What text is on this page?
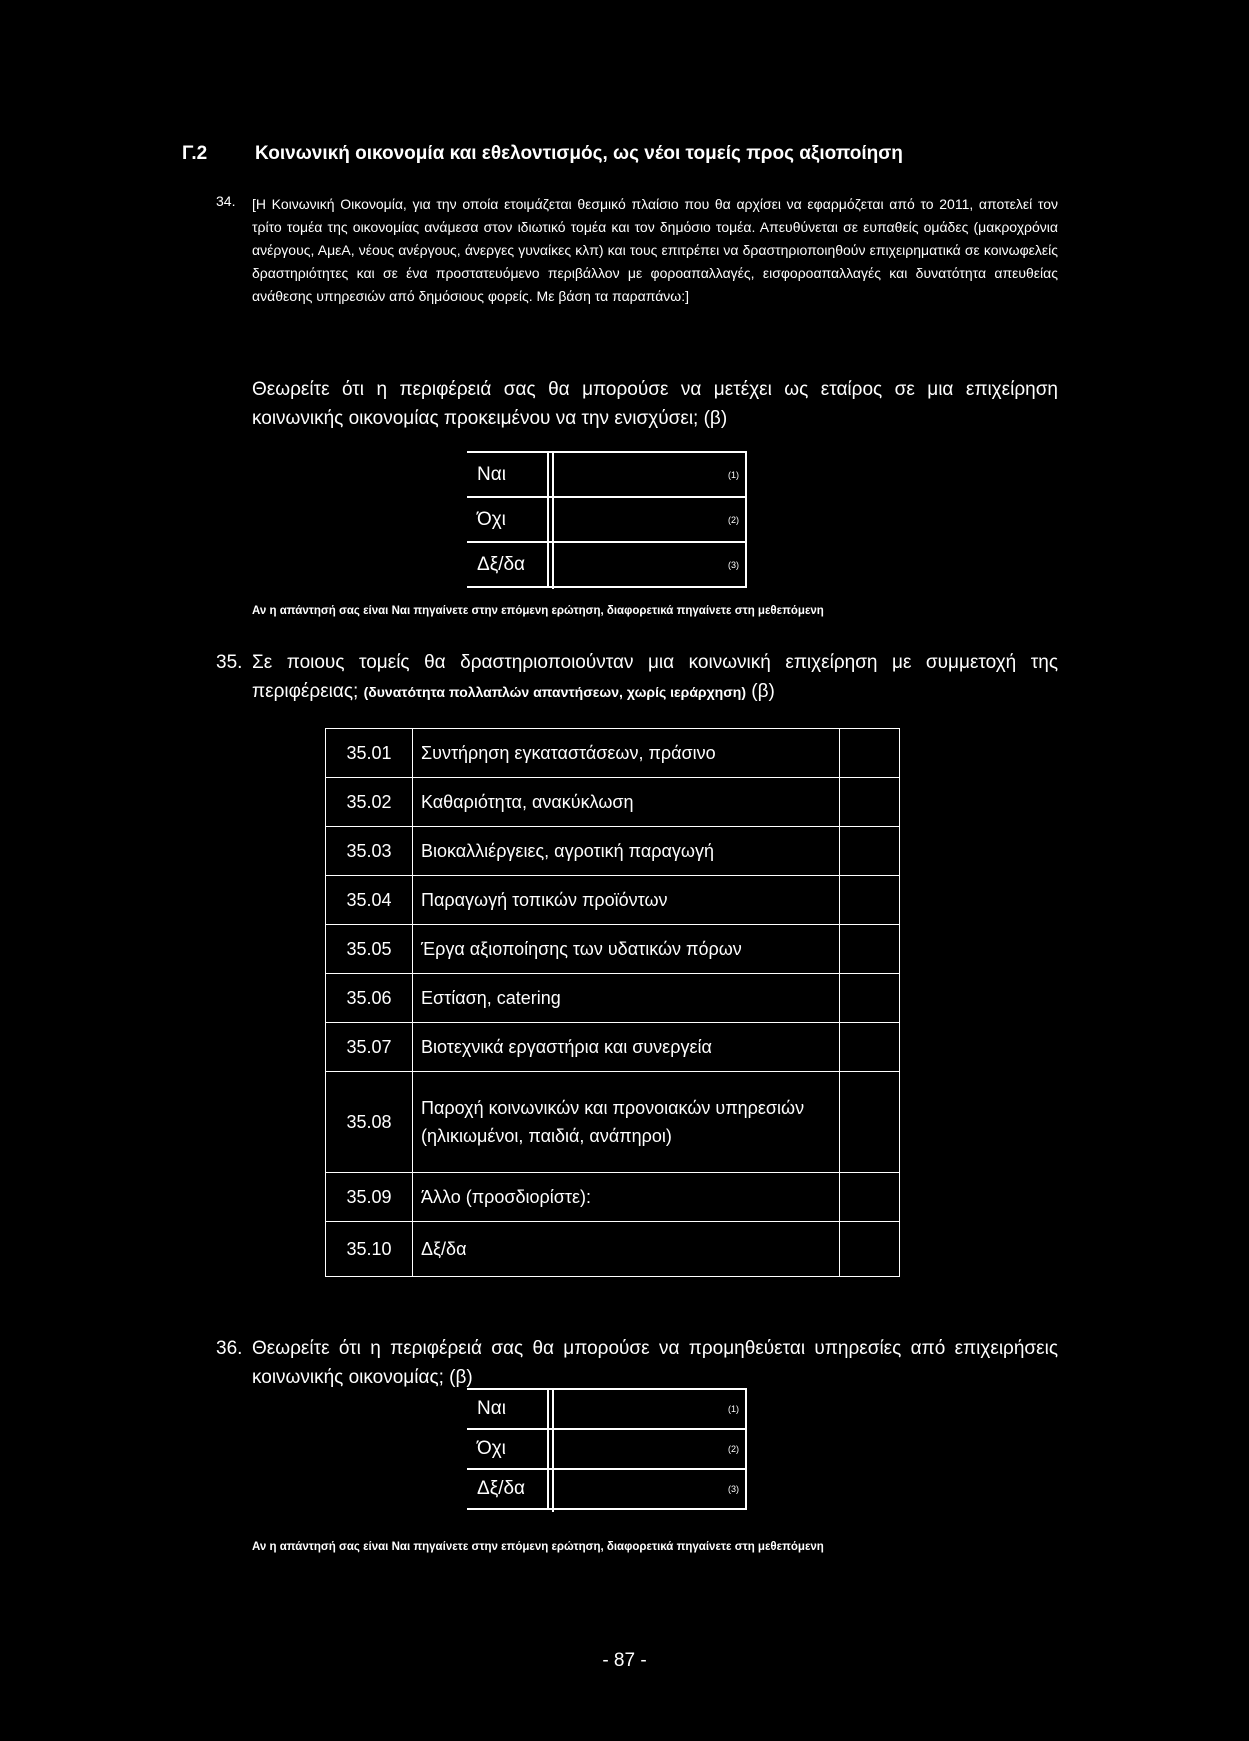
Γ.2	Κοινωνική οικονομία και εθελοντισμός, ως νέοι τομείς προς αξιοποίηση
34. [Η Κοινωνική Οικονομία, για την οποία ετοιμάζεται θεσμικό πλαίσιο που θα αρχίσει να εφαρμόζεται από το 2011, αποτελεί τον τρίτο τομέα της οικονομίας ανάμεσα στον ιδιωτικό τομέα και τον δημόσιο τομέα. Απευθύνεται σε ευπαθείς ομάδες (μακροχρόνια ανέργους, ΑμεΑ, νέους ανέργους, άνεργες γυναίκες κλπ) και τους επιτρέπει να δραστηριοποιηθούν επιχειρηματικά σε κοινωφελείς δραστηριότητες και σε ένα προστατευόμενο περιβάλλον με φοροαπαλλαγές, εισφοροαπαλλαγές και δυνατότητα απευθείας ανάθεσης υπηρεσιών από δημόσιους φορείς. Με βάση τα παραπάνω:]
Θεωρείτε ότι η περιφέρειά σας θα μπορούσε να μετέχει ως εταίρος σε μια επιχείρηση κοινωνικής οικονομίας προκειμένου να την ενισχύσει; (β)
Ναι	(1)
Όχι	(2)
Δξ/δα	(3)
Αν η απάντησή σας είναι Ναι πηγαίνετε στην επόμενη ερώτηση, διαφορετικά πηγαίνετε στη μεθεπόμενη
35. Σε ποιους τομείς θα δραστηριοποιούνταν μια κοινωνική επιχείρηση με συμμετοχή της περιφέρειας; (δυνατότητα πολλαπλών απαντήσεων, χωρίς ιεράρχηση) (β)
35.01	Συντήρηση εγκαταστάσεων, πράσινο	
35.02	Καθαριότητα, ανακύκλωση	
35.03	Βιοκαλλιέργειες, αγροτική παραγωγή	
35.04	Παραγωγή τοπικών προϊόντων	
35.05	Έργα αξιοποίησης των υδατικών πόρων	
35.06	Εστίαση, catering	
35.07	Βιοτεχνικά εργαστήρια και συνεργεία	
35.08	Παροχή κοινωνικών και προνοιακών υπηρεσιών (ηλικιωμένοι, παιδιά, ανάπηροι)	
35.09	Άλλο (προσδιορίστε):	
35.10	Δξ/δα	
36. Θεωρείτε ότι η περιφέρειά σας θα μπορούσε να προμηθεύεται υπηρεσίες από επιχειρήσεις κοινωνικής οικονομίας; (β)
Ναι	(1)
Όχι	(2)
Δξ/δα	(3)
Αν η απάντησή σας είναι Ναι πηγαίνετε στην επόμενη ερώτηση, διαφορετικά πηγαίνετε στη μεθεπόμενη
- 87 -
